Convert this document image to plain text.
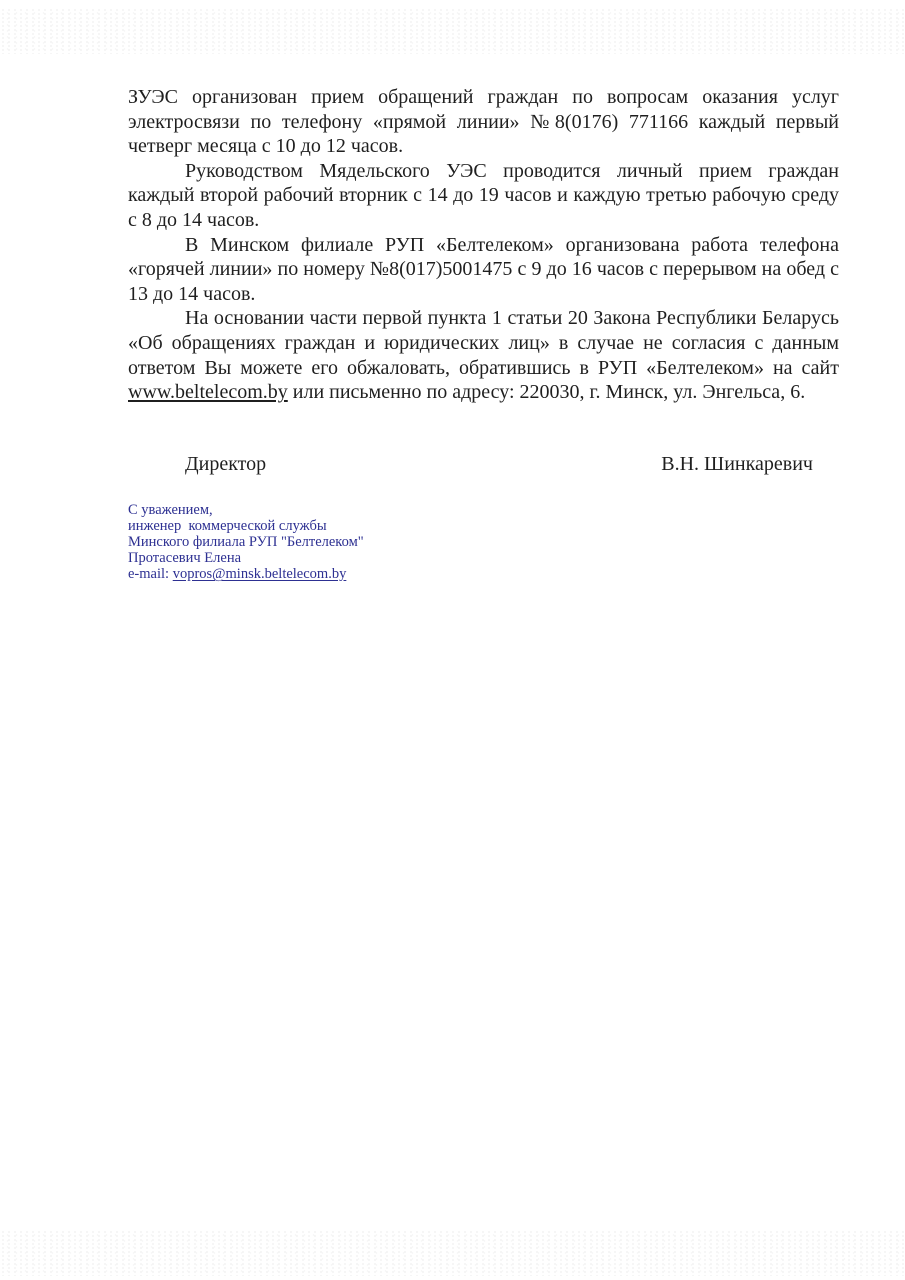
ЗУЭС организован прием обращений граждан по вопросам оказания услуг электросвязи по телефону «прямой линии» №8(0176) 771166 каждый первый четверг месяца с 10 до 12 часов.

Руководством Мядельского УЭС проводится личный прием граждан каждый второй рабочий вторник с 14 до 19 часов и каждую третью рабочую среду с 8 до 14 часов.

В Минском филиале РУП «Белтелеком» организована работа телефона «горячей линии» по номеру №8(017)5001475 с 9 до 16 часов с перерывом на обед с 13 до 14 часов.

На основании части первой пункта 1 статьи 20 Закона Республики Беларусь «Об обращениях граждан и юридических лиц» в случае не согласия с данным ответом Вы можете его обжаловать, обратившись в РУП «Белтелеком» на сайт www.beltelecom.by или письменно по адресу: 220030, г. Минск, ул. Энгельса, 6.

Директор	В.Н. Шинкаревич
С уважением,
инженер  коммерческой службы
Минского филиала РУП "Белтелеком"
Протасевич Елена
e-mail: vopros@minsk.beltelecom.by
